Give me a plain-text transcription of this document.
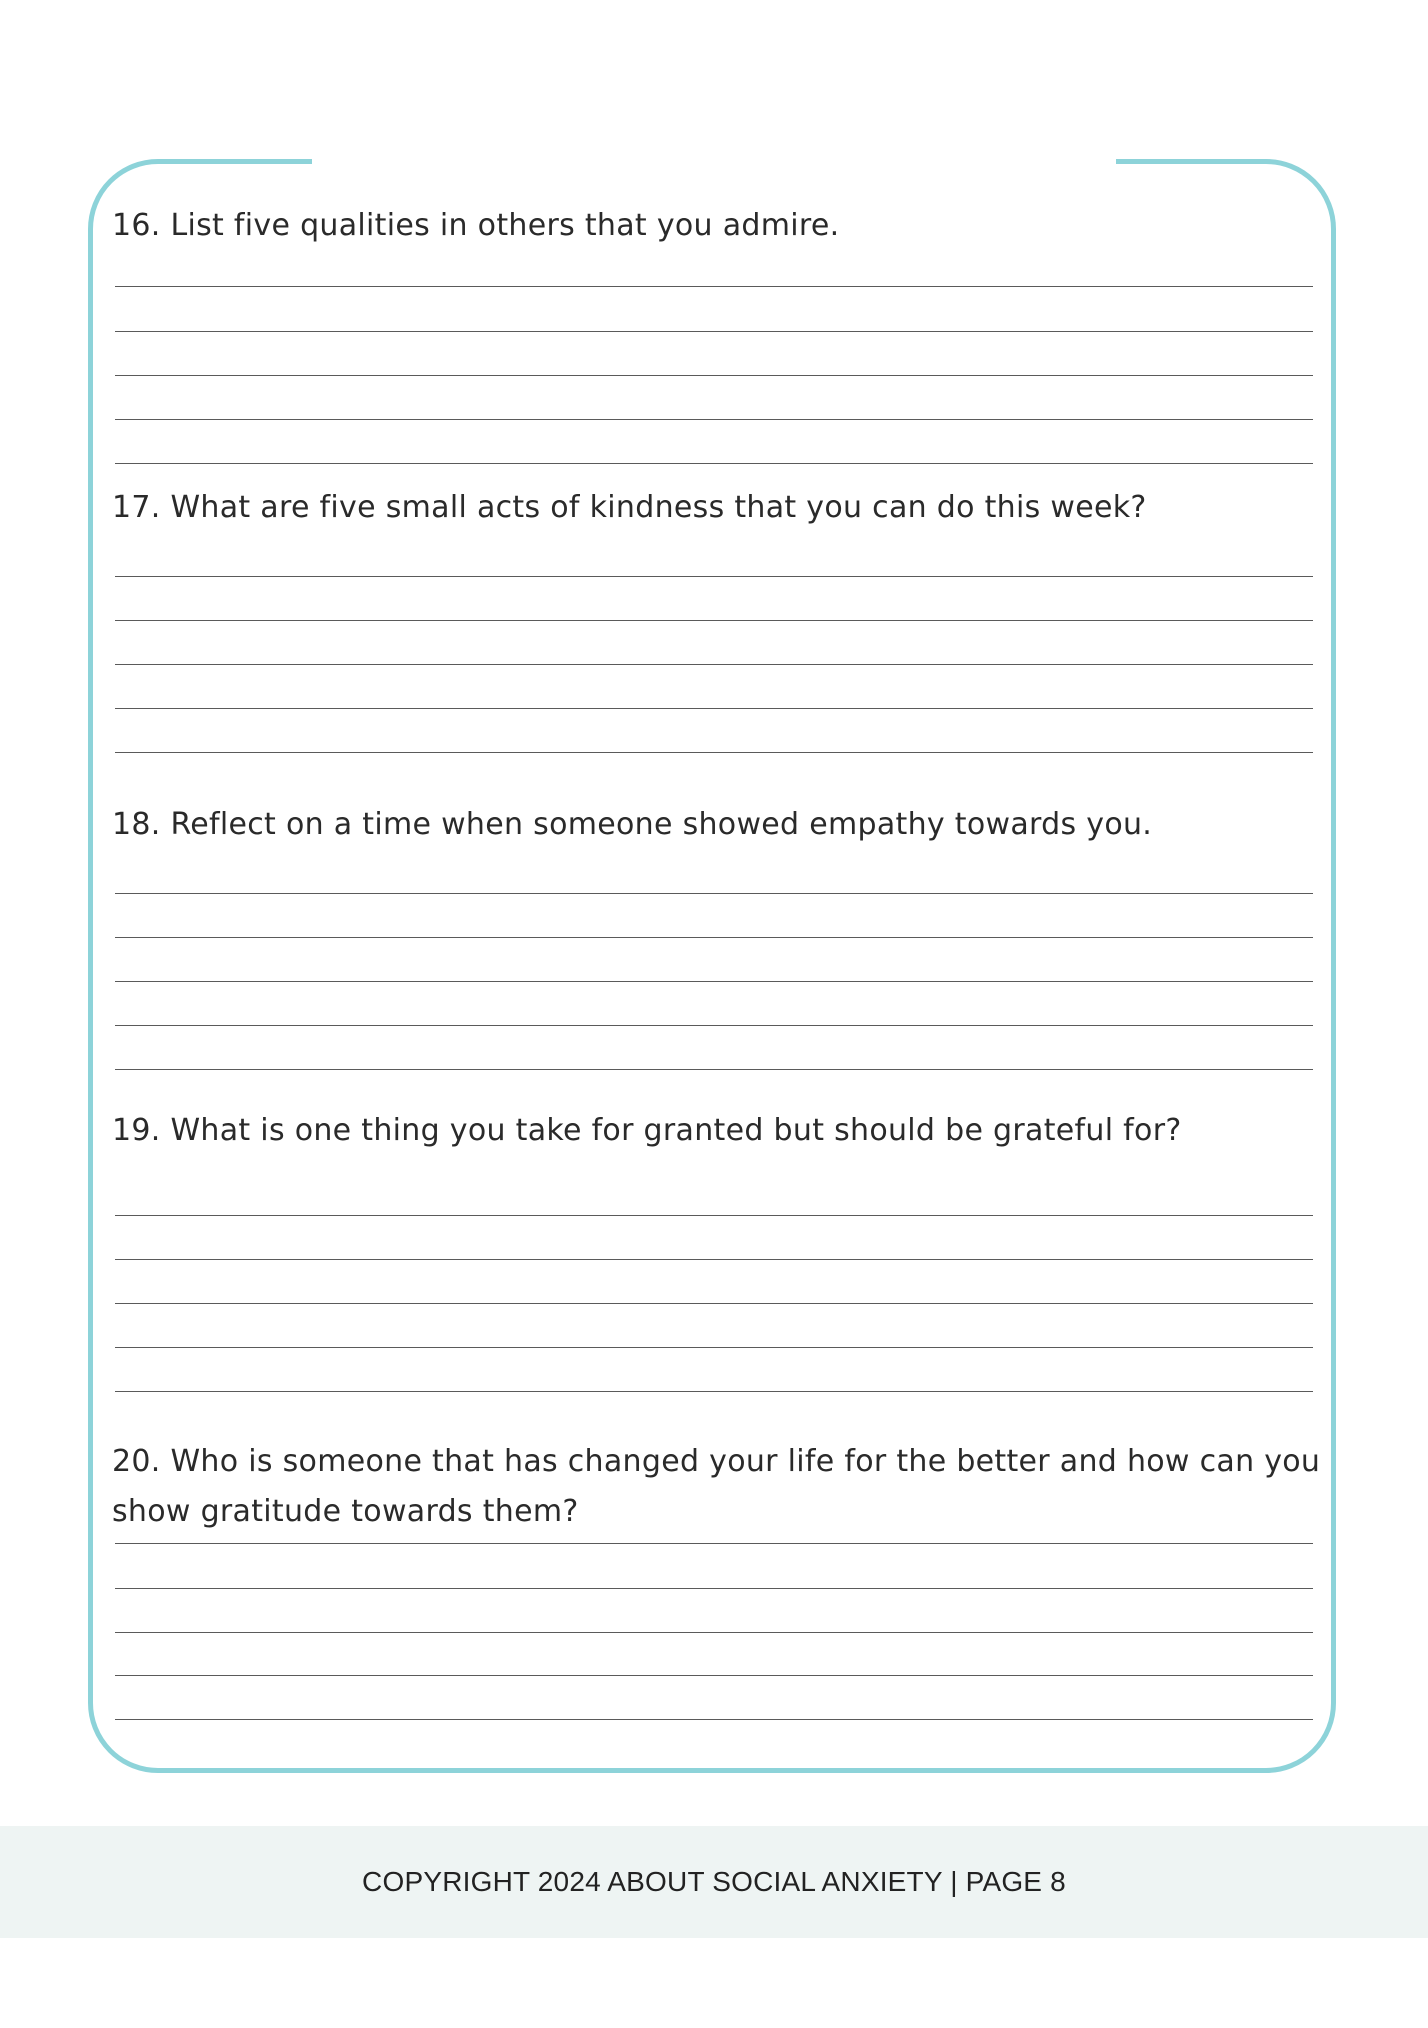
16. List five qualities in others that you admire.

17. What are five small acts of kindness that you can do this week?

18. Reflect on a time when someone showed empathy towards you.

19. What is one thing you take for granted but should be grateful for?

20. Who is someone that has changed your life for the better and how can you show gratitude towards them?

COPYRIGHT 2024 ABOUT SOCIAL ANXIETY | PAGE 8
